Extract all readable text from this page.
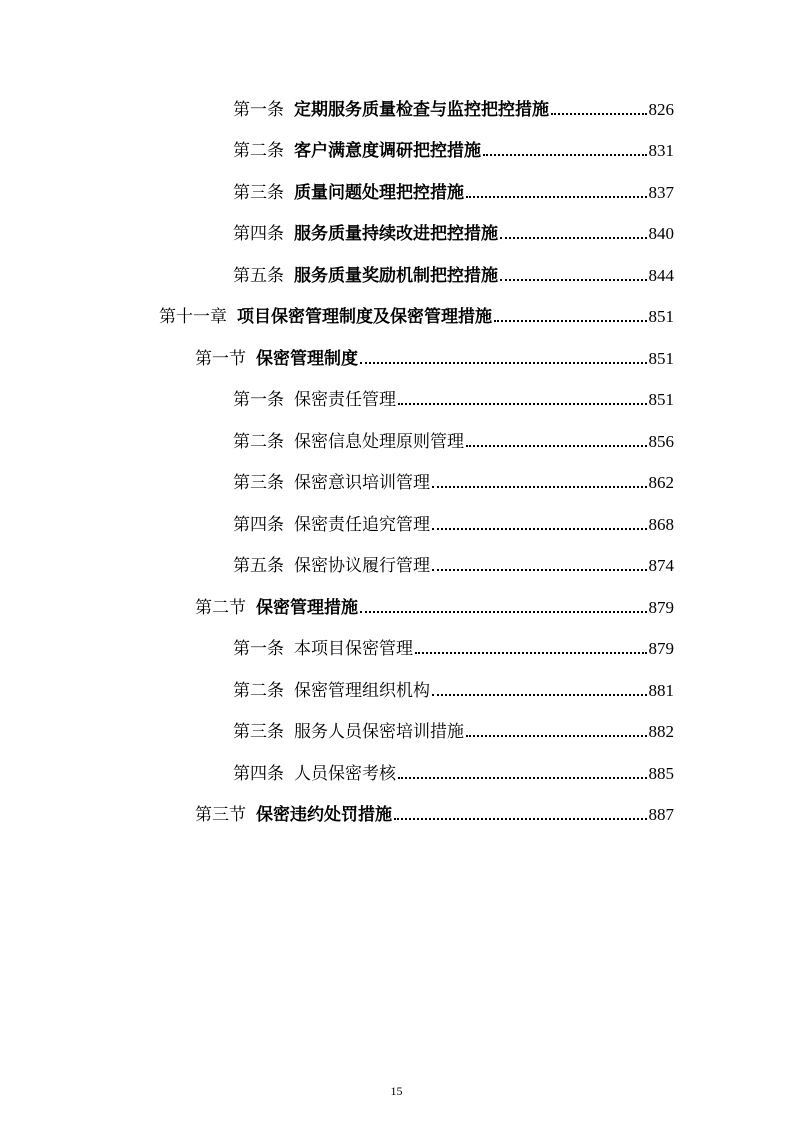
第一条 定期服务质量检查与监控把控措施	826
第二条 客户满意度调研把控措施	831
第三条 质量问题处理把控措施	837
第四条 服务质量持续改进把控措施	840
第五条 服务质量奖励机制把控措施	844
第十一章 项目保密管理制度及保密管理措施	851
第一节 保密管理制度	851
第一条 保密责任管理	851
第二条 保密信息处理原则管理	856
第三条 保密意识培训管理	862
第四条 保密责任追究管理	868
第五条 保密协议履行管理	874
第二节 保密管理措施	879
第一条 本项目保密管理	879
第二条 保密管理组织机构	881
第三条 服务人员保密培训措施	882
第四条 人员保密考核	885
第三节 保密违约处罚措施	887
15
